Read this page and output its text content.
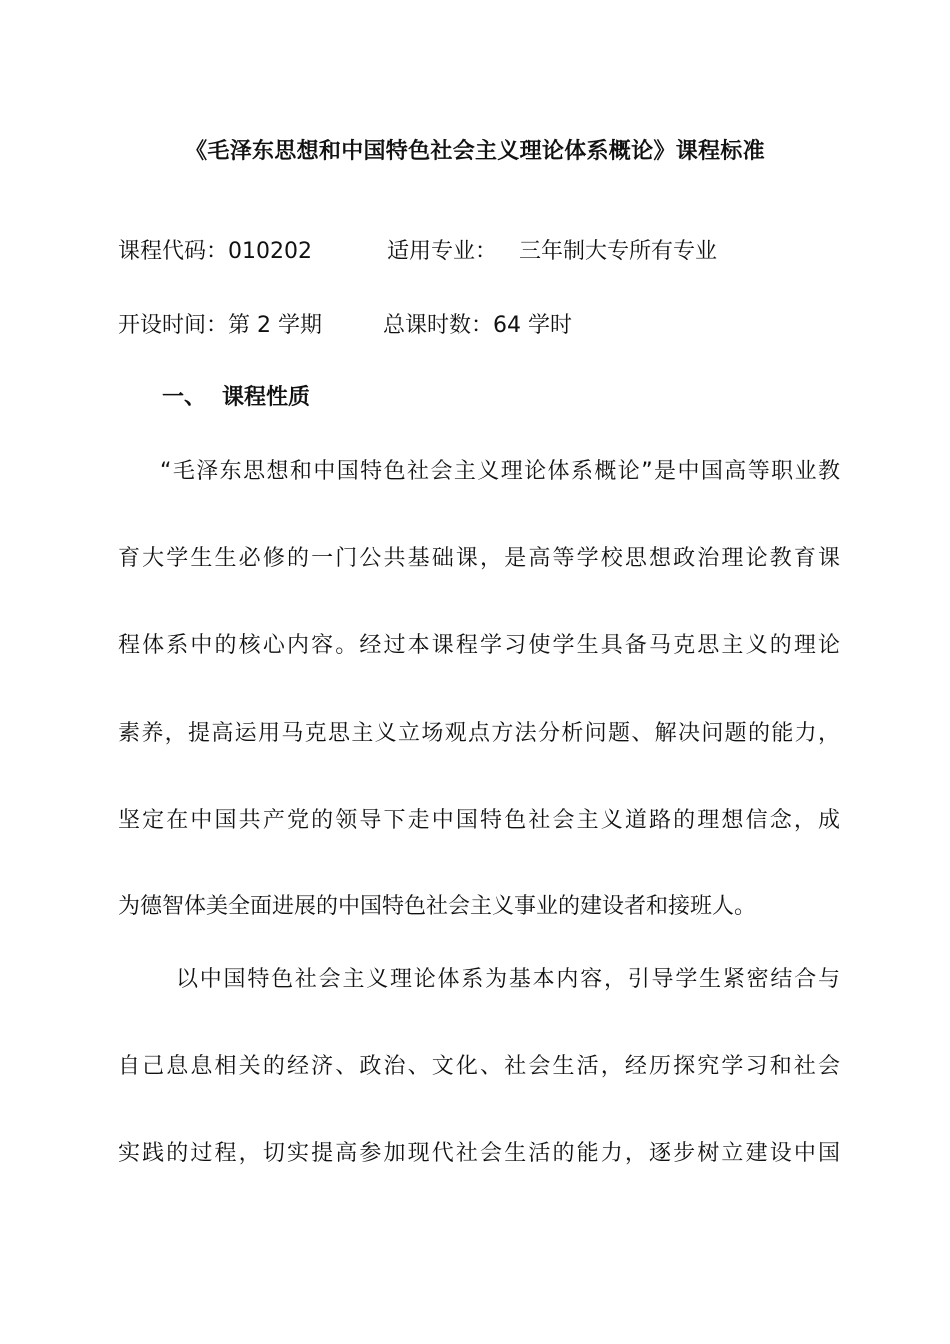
《毛泽东思想和中国特色社会主义理论体系概论》课程标准
课程代码：010202	适用专业： 三年制大专所有专业
开设时间：第 2 学期	总课时数：64 学时
一、 课程性质

“毛泽东思想和中国特色社会主义理论体系概论”是中国高等职业教

育大学生生必修的一门公共基础课，是高等学校思想政治理论教育课

程体系中的核心内容。经过本课程学习使学生具备马克思主义的理论

素养，提高运用马克思主义立场观点方法分析问题、解决问题的能力，

坚定在中国共产党的领导下走中国特色社会主义道路的理想信念，成

为德智体美全面进展的中国特色社会主义事业的建设者和接班人。

以中国特色社会主义理论体系为基本内容，引导学生紧密结合与

自己息息相关的经济、政治、文化、社会生活，经历探究学习和社会

实践的过程，切实提高参加现代社会生活的能力，逐步树立建设中国
